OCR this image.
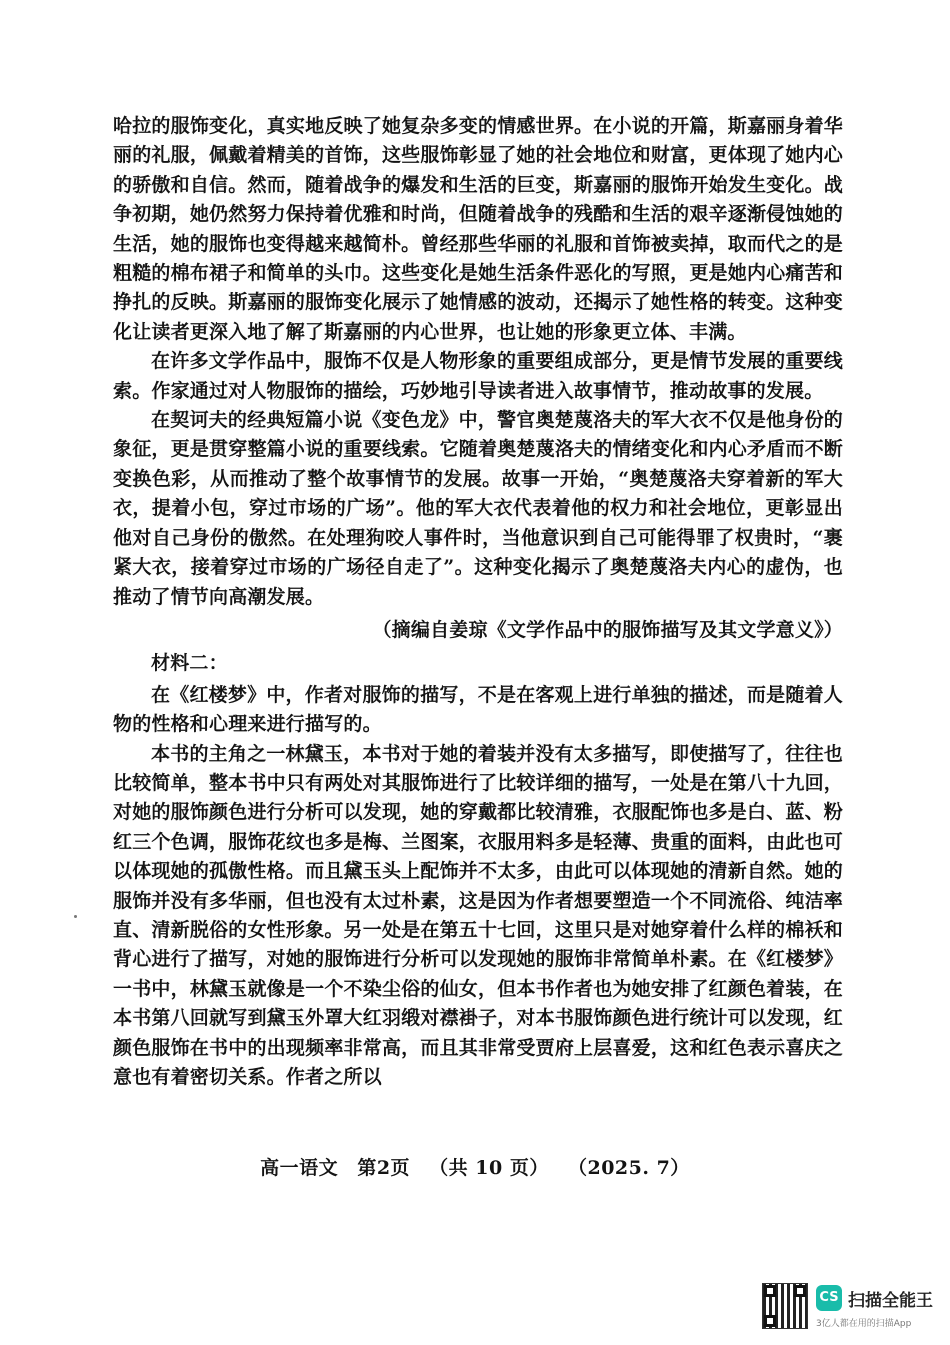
哈拉的服饰变化，真实地反映了她复杂多变的情感世界。在小说的开篇，斯嘉丽身着华丽的礼服，佩戴着精美的首饰，这些服饰彰显了她的社会地位和财富，更体现了她内心的骄傲和自信。然而，随着战争的爆发和生活的巨变，斯嘉丽的服饰开始发生变化。战争初期，她仍然努力保持着优雅和时尚，但随着战争的残酷和生活的艰辛逐渐侵蚀她的生活，她的服饰也变得越来越简朴。曾经那些华丽的礼服和首饰被卖掉，取而代之的是粗糙的棉布裙子和简单的头巾。这些变化是她生活条件恶化的写照，更是她内心痛苦和挣扎的反映。斯嘉丽的服饰变化展示了她情感的波动，还揭示了她性格的转变。这种变化让读者更深入地了解了斯嘉丽的内心世界，也让她的形象更立体、丰满。

在许多文学作品中，服饰不仅是人物形象的重要组成部分，更是情节发展的重要线索。作家通过对人物服饰的描绘，巧妙地引导读者进入故事情节，推动故事的发展。

在契诃夫的经典短篇小说《变色龙》中，警官奥楚蔑洛夫的军大衣不仅是他身份的象征，更是贯穿整篇小说的重要线索。它随着奥楚蔑洛夫的情绪变化和内心矛盾而不断变换色彩，从而推动了整个故事情节的发展。故事一开始，“奥楚蔑洛夫穿着新的军大衣，提着小包，穿过市场的广场”。他的军大衣代表着他的权力和社会地位，更彰显出他对自己身份的傲然。在处理狗咬人事件时，当他意识到自己可能得罪了权贵时，“裹紧大衣，接着穿过市场的广场径自走了”。这种变化揭示了奥楚蔑洛夫内心的虚伪，也推动了情节向高潮发展。

（摘编自姜琼《文学作品中的服饰描写及其文学意义》）

材料二：

在《红楼梦》中，作者对服饰的描写，不是在客观上进行单独的描述，而是随着人物的性格和心理来进行描写的。

本书的主角之一林黛玉，本书对于她的着装并没有太多描写，即使描写了，往往也比较简单，整本书中只有两处对其服饰进行了比较详细的描写，一处是在第八十九回，对她的服饰颜色进行分析可以发现，她的穿戴都比较清雅，衣服配饰也多是白、蓝、粉红三个色调，服饰花纹也多是梅、兰图案，衣服用料多是轻薄、贵重的面料，由此也可以体现她的孤傲性格。而且黛玉头上配饰并不太多，由此可以体现她的清新自然。她的服饰并没有多华丽，但也没有太过朴素，这是因为作者想要塑造一个不同流俗、纯洁率直、清新脱俗的女性形象。另一处是在第五十七回，这里只是对她穿着什么样的棉袄和背心进行了描写，对她的服饰进行分析可以发现她的服饰非常简单朴素。在《红楼梦》一书中，林黛玉就像是一个不染尘俗的仙女，但本书作者也为她安排了红颜色着装，在本书第八回就写到黛玉外罩大红羽缎对襟褂子，对本书服饰颜色进行统计可以发现，红颜色服饰在书中的出现频率非常高，而且其非常受贾府上层喜爱，这和红色表示喜庆之意也有着密切关系。作者之所以

高一语文 第2页 （共 10 页） （2025. 7）
CS 扫描全能王
3亿人都在用的扫描App
